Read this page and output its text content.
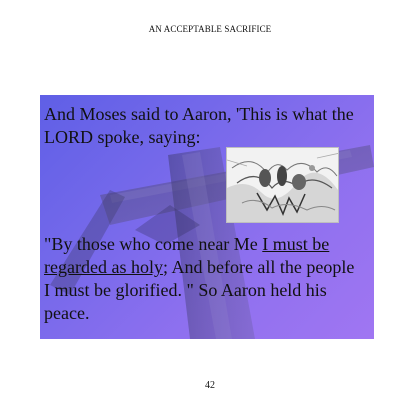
AN ACCEPTABLE SACRIFICE
And Moses said to Aaron, 'This is what the
LORD spoke, saying:
"By those who come near Me I must be
regarded as holy; And before all the people
I must be glorified. " So Aaron held his
peace.
42
